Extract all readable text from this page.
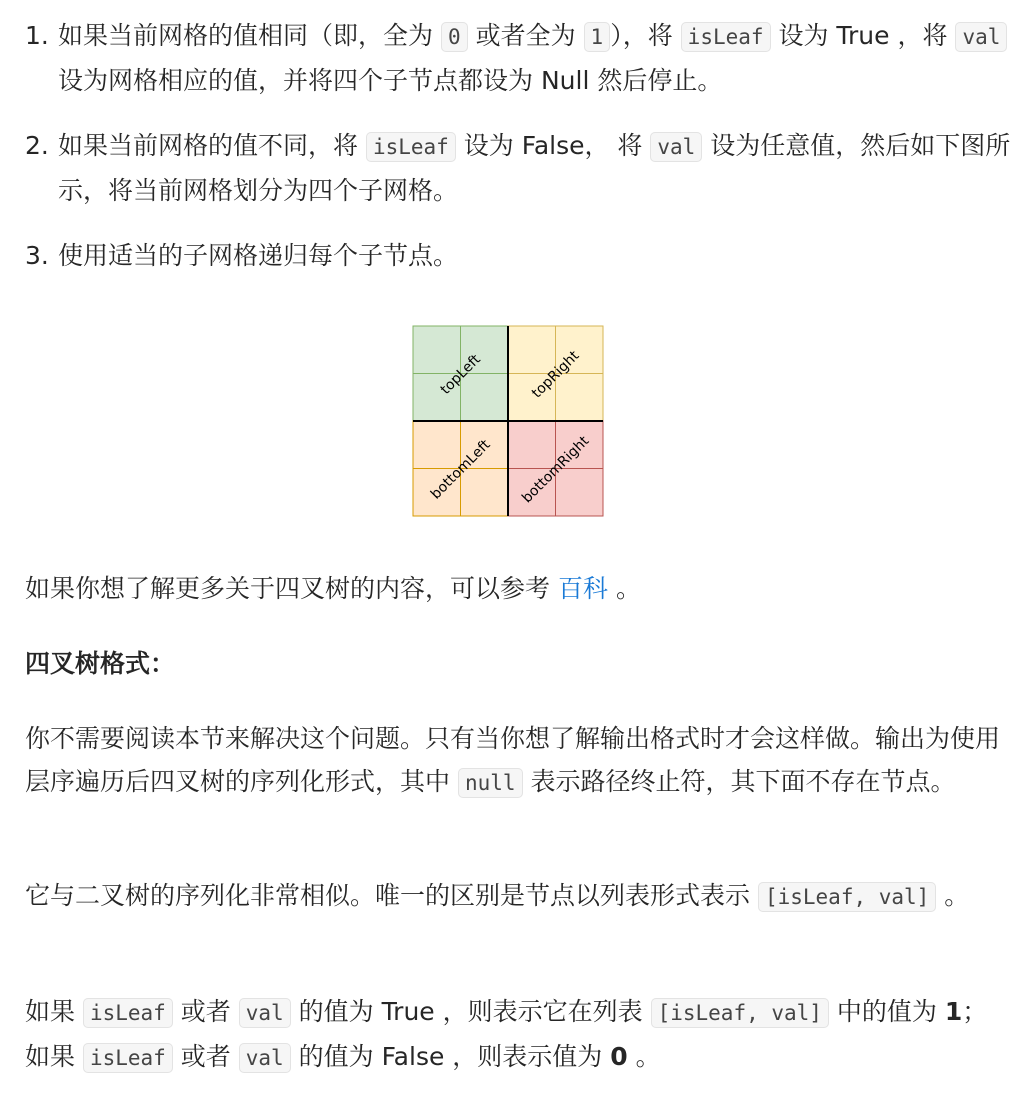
1. 如果当前网格的值相同（即，全为 0 或者全为 1 ），将 isLeaf 设为 True ，将 val 设为网格相应的值，并将四个子节点都设为 Null 然后停止。
2. 如果当前网格的值不同，将 isLeaf 设为 False， 将 val 设为任意值，然后如下图所示，将当前网格划分为四个子网格。
3. 使用适当的子网格递归每个子节点。
topLeft	topRight
bottomLeft bottomRight

如果你想了解更多关于四叉树的内容，可以参考 百科 。

四叉树格式：

你不需要阅读本节来解决这个问题。只有当你想了解输出格式时才会这样做。输出为使用层序遍历后四叉树的序列化形式，其中 null 表示路径终止符，其下面不存在节点。

它与二叉树的序列化非常相似。唯一的区别是节点以列表形式表示 [isLeaf, val] 。

如果 isLeaf 或者 val 的值为 True ，则表示它在列表 [isLeaf, val] 中的值为 1；如果 isLeaf 或者 val 的值为 False ，则表示值为 0 。
